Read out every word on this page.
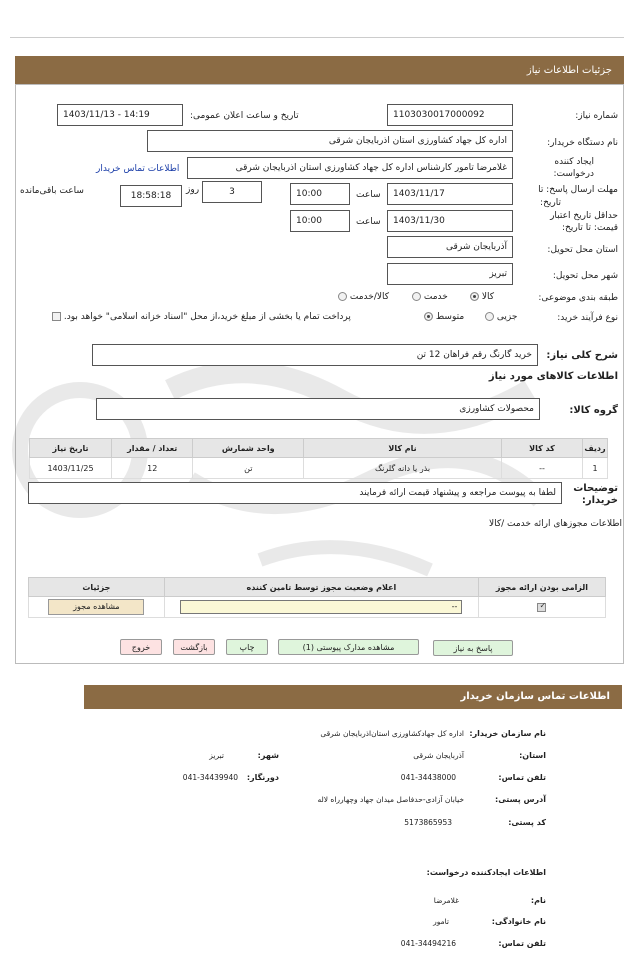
جزئیات اطلاعات نیاز
شماره نیاز:
1103030017000092
تاریخ و ساعت اعلان عمومی:
1403/11/13 - 14:19
نام دستگاه خریدار:
اداره کل جهاد کشاورزی استان اذربایجان شرقی
ایجاد کننده
درخواست:
غلامرضا تامور کارشناس اداره کل جهاد کشاورزی استان اذربایجان شرقی
اطلاعات تماس خریدار
مهلت ارسال پاسخ: تا
تاریخ:
1403/11/17
ساعت
10:00
3
روز
18:58:18
ساعت باقی‌مانده
حداقل تاریخ اعتبار
قیمت: تا تاریخ:
1403/11/30
ساعت
10:00
استان محل تحویل:
آذربایجان شرقی
شهر محل تحویل:
تبریز
طبقه بندی موضوعی:
کالا
خدمت
کالا/خدمت
نوع فرآیند خرید:
جزیی
متوسط
پرداخت تمام یا بخشی از مبلغ خرید،از محل "اسناد خزانه اسلامی" خواهد بود.
شرح کلی نیاز:
خرید گارنگ رقم فراهان 12 تن
اطلاعات کالاهای مورد نیاز
گروه کالا:
محصولات کشاورزی
ردیف	کد کالا	نام کالا	واحد شمارش	تعداد / مقدار	تاریخ نیاز
1	--	بذر یا دانه گلرنگ	تن	12	1403/11/25
توضیحات
خریدار:
لطفا به پیوست مراجعه و پیشنهاد قیمت ارائه فرمایند
اطلاعات مجوزهای ارائه خدمت /کالا
الزامی بودن ارائه مجوز	اعلام وضعیت مجوز توسط تامین کننده	جزئیات

✓	--	مشاهده مجوز
پاسخ به نیاز
مشاهده مدارک پیوستی (1)
چاپ
بازگشت
خروج
اطلاعات تماس سازمان خریدار
نام سازمان خریدار:
اداره کل جهادکشاورزی استان‌اذربایجان شرقی
استان:
آذربایجان شرقی
شهر:
تبریز
تلفن تماس:
041-34438000
دورنگار:
041-34439940
آدرس پستی:
خیابان آزادی-حدفاصل میدان جهاد وچهارراه لاله
کد پستی:
5173865953
اطلاعات ایجادکننده درخواست:
نام:
غلامرضا
نام خانوادگی:
تامور
تلفن تماس:
041-34494216
